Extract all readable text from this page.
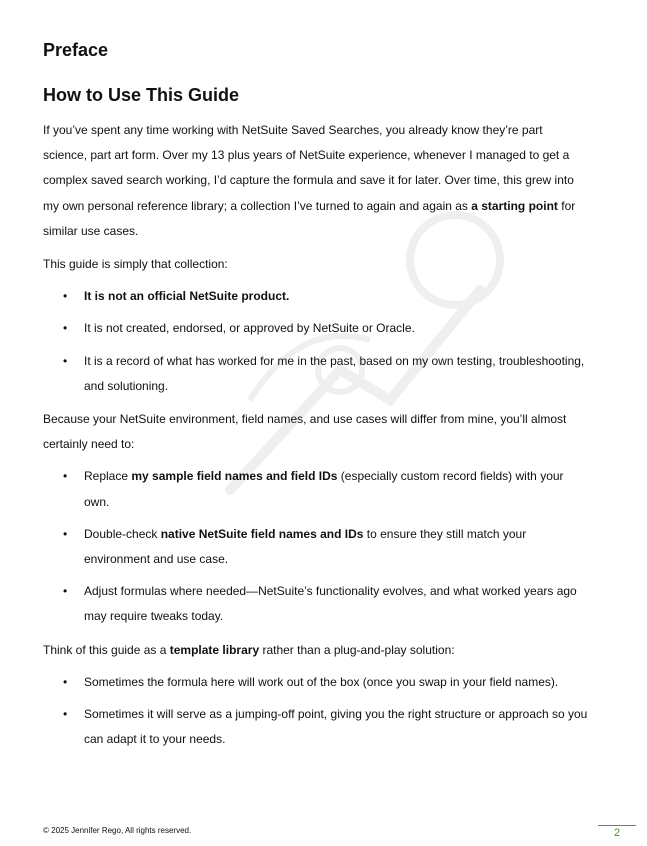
Preface
How to Use This Guide

If you’ve spent any time working with NetSuite Saved Searches, you already know they’re part science, part art form. Over my 13 plus years of NetSuite experience, whenever I managed to get a complex saved search working, I’d capture the formula and save it for later. Over time, this grew into my own personal reference library; a collection I’ve turned to again and again as a starting point for similar use cases.

This guide is simply that collection:

• It is not an official NetSuite product.
• It is not created, endorsed, or approved by NetSuite or Oracle.
• It is a record of what has worked for me in the past, based on my own testing, troubleshooting, and solutioning.

Because your NetSuite environment, field names, and use cases will differ from mine, you’ll almost certainly need to:

• Replace my sample field names and field IDs (especially custom record fields) with your own.
• Double-check native NetSuite field names and IDs to ensure they still match your environment and use case.
• Adjust formulas where needed—NetSuite’s functionality evolves, and what worked years ago may require tweaks today.

Think of this guide as a template library rather than a plug-and-play solution:

• Sometimes the formula here will work out of the box (once you swap in your field names).
• Sometimes it will serve as a jumping-off point, giving you the right structure or approach so you can adapt it to your needs.
© 2025 Jennifer Rego, All rights reserved.	2
